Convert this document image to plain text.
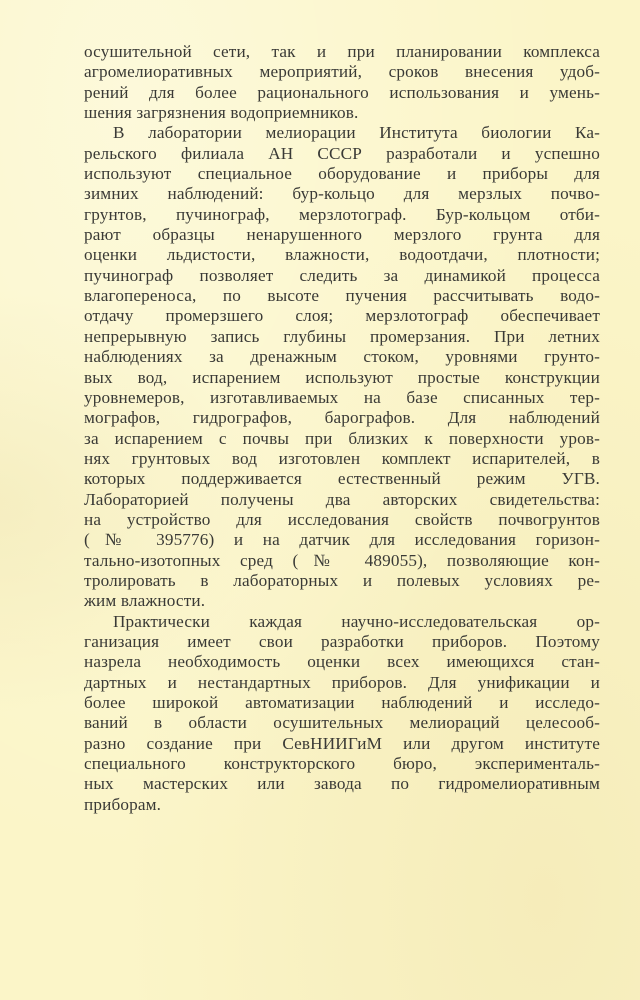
осушительной сети, так и при планировании комплекса
агромелиоративных мероприятий, сроков внесения удоб-
рений для более рационального использования и умень-
шения загрязнения водоприемников.
В лаборатории мелиорации Института биологии Ка-
рельского филиала АН СССР разработали и успешно
используют специальное оборудование и приборы для
зимних наблюдений: бур-кольцо для мерзлых почво-
грунтов, пучинограф, мерзлотограф. Бур-кольцом отби-
рают образцы ненарушенного мерзлого грунта для
оценки льдистости, влажности, водоотдачи, плотности;
пучинограф позволяет следить за динамикой процесса
влагопереноса, по высоте пучения рассчитывать водо-
отдачу промерзшего слоя; мерзлотограф обеспечивает
непрерывную запись глубины промерзания. При летних
наблюдениях за дренажным стоком, уровнями грунто-
вых вод, испарением используют простые конструкции
уровнемеров, изготавливаемых на базе списанных тер-
мографов, гидрографов, барографов. Для наблюдений
за испарением с почвы при близких к поверхности уров-
нях грунтовых вод изготовлен комплект испарителей, в
которых поддерживается естественный режим УГВ.
Лабораторией получены два авторских свидетельства:
на устройство для исследования свойств почвогрунтов
(№ 395776) и на датчик для исследования горизон-
тально-изотопных сред (№ 489055), позволяющие кон-
тролировать в лабораторных и полевых условиях ре-
жим влажности.
Практически каждая научно-исследовательская ор-
ганизация имеет свои разработки приборов. Поэтому
назрела необходимость оценки всех имеющихся стан-
дартных и нестандартных приборов. Для унификации и
более широкой автоматизации наблюдений и исследо-
ваний в области осушительных мелиораций целесооб-
разно создание при СевНИИГиМ или другом институте
специального конструкторского бюро, эксперименталь-
ных мастерских или завода по гидромелиоративным
приборам.
